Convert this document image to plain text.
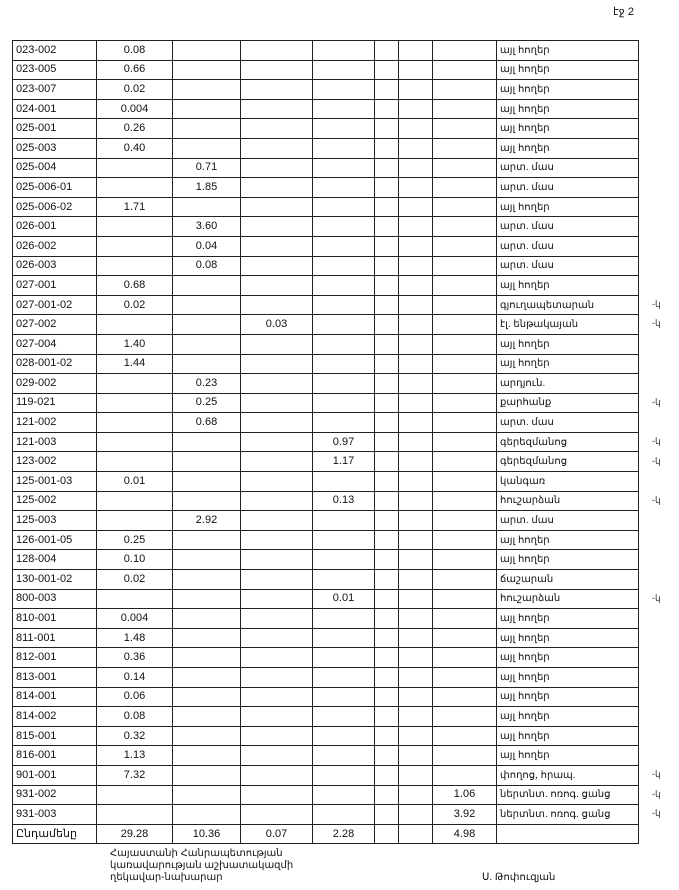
էջ 2
023-002	0.08							այլ հողեր
023-005	0.66							այլ հողեր
023-007	0.02							այլ հողեր
024-001	0.004							այլ հողեր
025-001	0.26							այլ հողեր
025-003	0.40							այլ հողեր
025-004		0.71						արտ. մաս
025-006-01		1.85						արտ. մաս
025-006-02	1.71							այլ հողեր
026-001		3.60						արտ. մաս
026-002		0.04						արտ. մաս
026-003		0.08						արտ. մաս
027-001	0.68							այլ հողեր
027-001-02	0.02							գյուղապետարան
027-002			0.03					էլ. ենթակայան
027-004	1.40							այլ հողեր
028-001-02	1.44							այլ հողեր
029-002		0.23						արդյուն.
119-021		0.25						քարհանք
121-002		0.68						արտ. մաս
121-003				0.97				գերեզմանոց
123-002				1.17				գերեզմանոց
125-001-03	0.01							կանգառ
125-002				0.13				հուշարձան
125-003		2.92						արտ. մաս
126-001-05	0.25							այլ հողեր
128-004	0.10							այլ հողեր
130-001-02	0.02							ճաշարան
800-003				0.01				հուշարձան
810-001	0.004							այլ հողեր
811-001	1.48							այլ հողեր
812-001	0.36							այլ հողեր
813-001	0.14							այլ հողեր
814-001	0.06							այլ հողեր
814-002	0.08							այլ հողեր
815-001	0.32							այլ հողեր
816-001	1.13							այլ հողեր
901-001	7.32							փողոց, հրապ.
931-002							1.06	ներտնտ. ոռոգ. ցանց
931-003							3.92	ներտնտ. ոռոգ. ցանց
Ընդամենը	29.28	10.36	0.07	2.28			4.98	
-կ
-կ
-կ
-կ
-կ
-կ
-կ
-կ
-կ
-կ
Հայաստանի Հանրապետության
կառավարության աշխատակազմի
ղեկավար-նախարար	Ս. Թոփուզյան
